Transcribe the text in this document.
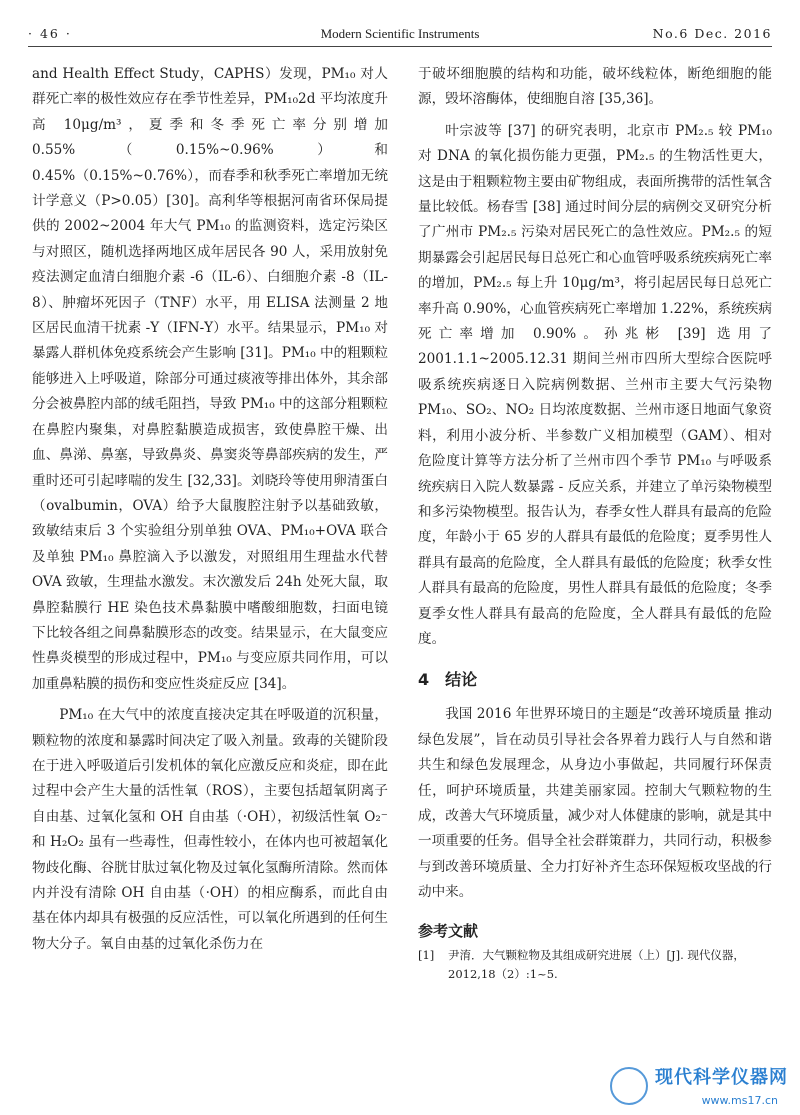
· 46 ·	Modern Scientific Instruments	No.6 Dec. 2016

and Health Effect Study，CAPHS）发现，PM₁₀ 对人群死亡率的极性效应存在季节性差异，PM₁₀2d 平均浓度升高 10μg/m³，夏季和冬季死亡率分别增加 0.55%（0.15%~0.96%）和 0.45%（0.15%~0.76%），而春季和秋季死亡率增加无统计学意义（P>0.05）[30]。高利华等根据河南省环保局提供的 2002~2004 年大气 PM₁₀ 的监测资料，选定污染区与对照区，随机选择两地区成年居民各 90 人，采用放射免疫法测定血清白细胞介素 -6（IL-6）、白细胞介素 -8（IL-8）、肿瘤坏死因子（TNF）水平，用 ELISA 法测量 2 地区居民血清干扰素 -Υ（IFN-Υ）水平。结果显示，PM₁₀ 对暴露人群机体免疫系统会产生影响 [31]。PM₁₀ 中的粗颗粒能够进入上呼吸道，除部分可通过痰液等排出体外，其余部分会被鼻腔内部的绒毛阻挡，导致 PM₁₀ 中的这部分粗颗粒在鼻腔内聚集，对鼻腔黏膜造成损害，致使鼻腔干燥、出血、鼻涕、鼻塞，导致鼻炎、鼻窦炎等鼻部疾病的发生，严重时还可引起哮喘的发生 [32,33]。刘晓玲等使用卵清蛋白（ovalbumin，OVA）给予大鼠腹腔注射予以基础致敏，致敏结束后 3 个实验组分别单独 OVA、PM₁₀+OVA 联合及单独 PM₁₀ 鼻腔滴入予以激发，对照组用生理盐水代替 OVA 致敏，生理盐水激发。末次激发后 24h 处死大鼠，取鼻腔黏膜行 HE 染色技术鼻黏膜中嗜酸细胞数，扫面电镜下比较各组之间鼻黏膜形态的改变。结果显示，在大鼠变应性鼻炎模型的形成过程中，PM₁₀ 与变应原共同作用，可以加重鼻粘膜的损伤和变应性炎症反应 [34]。

PM₁₀ 在大气中的浓度直接决定其在呼吸道的沉积量，颗粒物的浓度和暴露时间决定了吸入剂量。致毒的关键阶段在于进入呼吸道后引发机体的氧化应激反应和炎症，即在此过程中会产生大量的活性氧（ROS），主要包括超氧阴离子自由基、过氧化氢和 OH 自由基（·OH），初级活性氧 O₂⁻ 和 H₂O₂ 虽有一些毒性，但毒性较小，在体内也可被超氧化物歧化酶、谷胱甘肽过氧化物及过氧化氢酶所清除。然而体内并没有清除 OH 自由基（·OH）的相应酶系，而此自由基在体内却具有极强的反应活性，可以氧化所遇到的任何生物大分子。氧自由基的过氧化杀伤力在

于破坏细胞膜的结构和功能，破坏线粒体，断绝细胞的能源，毁坏溶酶体，使细胞自溶 [35,36]。

叶宗波等 [37] 的研究表明，北京市 PM₂.₅ 较 PM₁₀ 对 DNA 的氧化损伤能力更强，PM₂.₅ 的生物活性更大，这是由于粗颗粒物主要由矿物组成，表面所携带的活性氧含量比较低。杨春雪 [38] 通过时间分层的病例交叉研究分析了广州市 PM₂.₅ 污染对居民死亡的急性效应。PM₂.₅ 的短期暴露会引起居民每日总死亡和心血管呼吸系统疾病死亡率的增加，PM₂.₅ 每上升 10μg/m³，将引起居民每日总死亡率升高 0.90%，心血管疾病死亡率增加 1.22%，系统疾病死亡率增加 0.90%。孙兆彬 [39] 选用了 2001.1.1~2005.12.31 期间兰州市四所大型综合医院呼吸系统疾病逐日入院病例数据、兰州市主要大气污染物 PM₁₀、SO₂、NO₂ 日均浓度数据、兰州市逐日地面气象资料，利用小波分析、半参数广义相加模型（GAM）、相对危险度计算等方法分析了兰州市四个季节 PM₁₀ 与呼吸系统疾病日入院人数暴露 - 反应关系，并建立了单污染物模型和多污染物模型。报告认为，春季女性人群具有最高的危险度，年龄小于 65 岁的人群具有最低的危险度；夏季男性人群具有最高的危险度，全人群具有最低的危险度；秋季女性人群具有最高的危险度，男性人群具有最低的危险度；冬季夏季女性人群具有最高的危险度，全人群具有最低的危险度。

4　结论

我国 2016 年世界环境日的主题是“改善环境质量 推动绿色发展”，旨在动员引导社会各界着力践行人与自然和谐共生和绿色发展理念，从身边小事做起，共同履行环保责任，呵护环境质量，共建美丽家园。控制大气颗粒物的生成，改善大气环境质量，减少对人体健康的影响，就是其中一项重要的任务。倡导全社会群策群力，共同行动，积极参与到改善环境质量、全力打好补齐生态环保短板攻坚战的行动中来。

参考文献
[1]	尹淯．大气颗粒物及其组成研究进展（上）[J]. 现代仪器，2012,18（2）:1~5.
现代科学仪器网
www.ms17.cn
